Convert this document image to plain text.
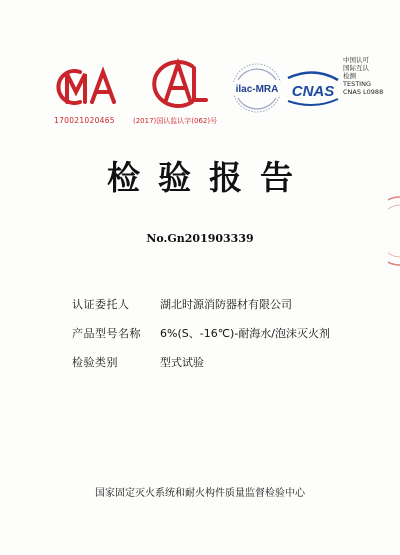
170021020465	(2017)国认监认字(062)号
ilac-MRA CNAS
中国认可
国际互认
检测
TESTING
CNAS L0988
检验报告
No.Gn201903339
认证委托人	湖北时源消防器材有限公司
产品型号名称	6%(S、-16℃)-耐海水/泡沫灭火剂
检验类别	型式试验
国家固定灭火系统和耐火构件质量监督检验中心
